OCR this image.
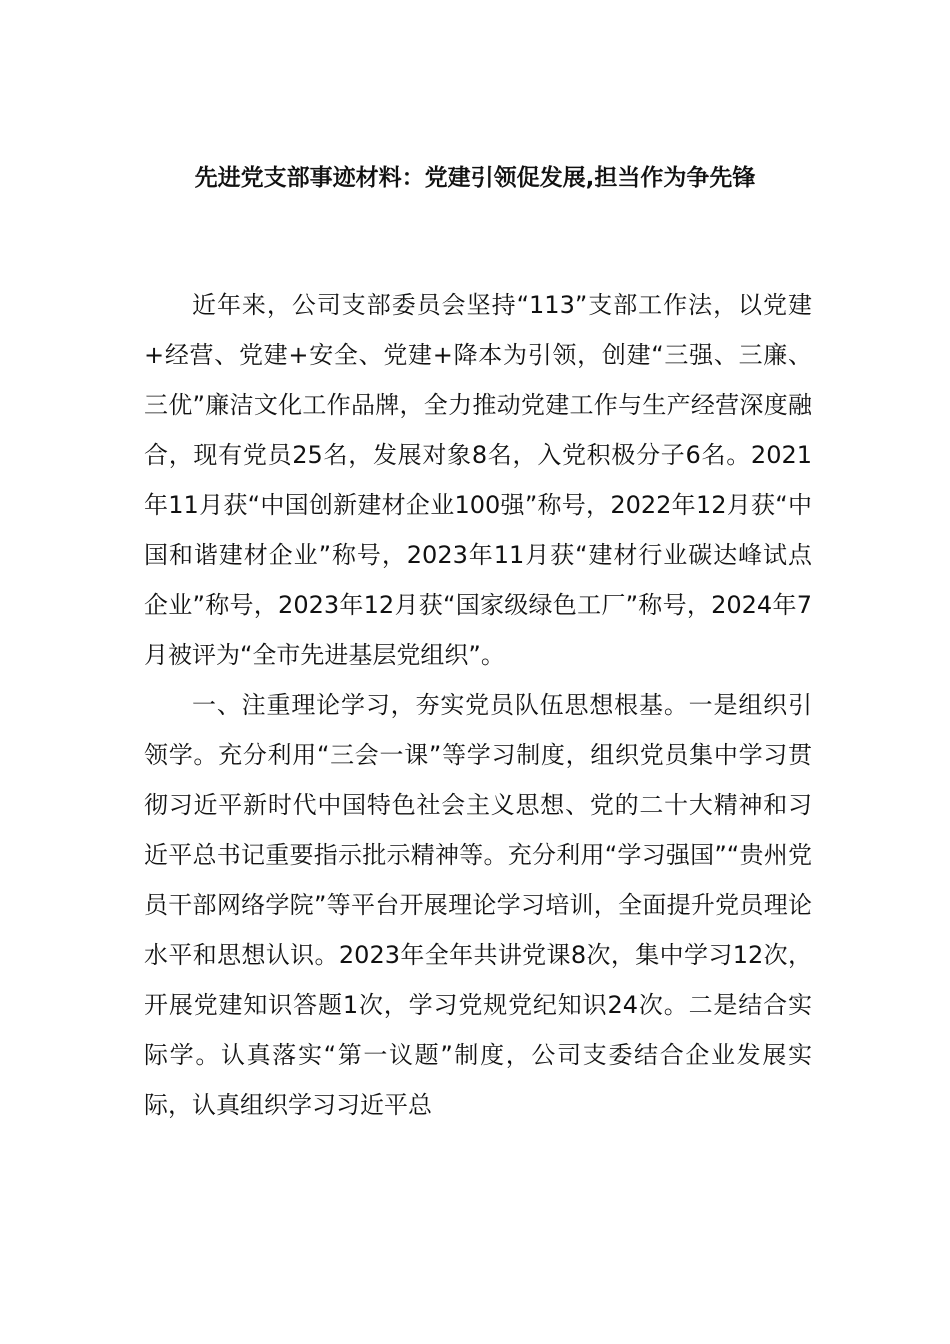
先进党支部事迹材料：党建引领促发展,担当作为争先锋

近年来，公司支部委员会坚持“113”支部工作法，以党建+经营、党建+安全、党建+降本为引领，创建“三强、三廉、三优”廉洁文化工作品牌，全力推动党建工作与生产经营深度融合，现有党员25名，发展对象8名，入党积极分子6名。2021年11月获“中国创新建材企业100强”称号，2022年12月获“中国和谐建材企业”称号，2023年11月获“建材行业碳达峰试点企业”称号，2023年12月获“国家级绿色工厂”称号，2024年7月被评为“全市先进基层党组织”。

一、注重理论学习，夯实党员队伍思想根基。一是组织引领学。充分利用“三会一课”等学习制度，组织党员集中学习贯彻习近平新时代中国特色社会主义思想、党的二十大精神和习近平总书记重要指示批示精神等。充分利用“学习强国”“贵州党员干部网络学院”等平台开展理论学习培训，全面提升党员理论水平和思想认识。2023年全年共讲党课8次，集中学习12次，开展党建知识答题1次，学习党规党纪知识24次。二是结合实际学。认真落实“第一议题”制度，公司支委结合企业发展实际，认真组织学习习近平总
